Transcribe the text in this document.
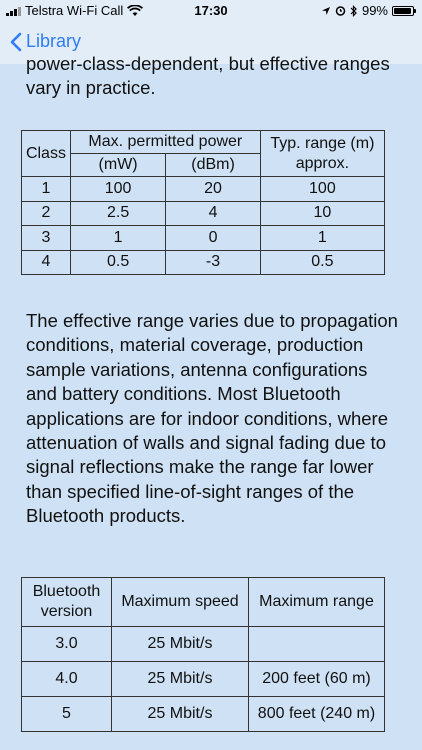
Telstra Wi-Fi Call	17:30	99%
Library
power-class-dependent, but effective ranges vary in practice.
Class	Max. permitted power		Typ. range (m) approx.
	(mW)	(dBm)	
1	100	20	100
2	2.5	4	10
3	1	0	1
4	0.5	-3	0.5
The effective range varies due to propagation conditions, material coverage, production sample variations, antenna configurations and battery conditions. Most Bluetooth applications are for indoor conditions, where attenuation of walls and signal fading due to signal reflections make the range far lower than specified line-of-sight ranges of the Bluetooth products.
Bluetooth version	Maximum speed	Maximum range
3.0	25 Mbit/s	
4.0	25 Mbit/s	200 feet (60 m)
5	25 Mbit/s	800 feet (240 m)
